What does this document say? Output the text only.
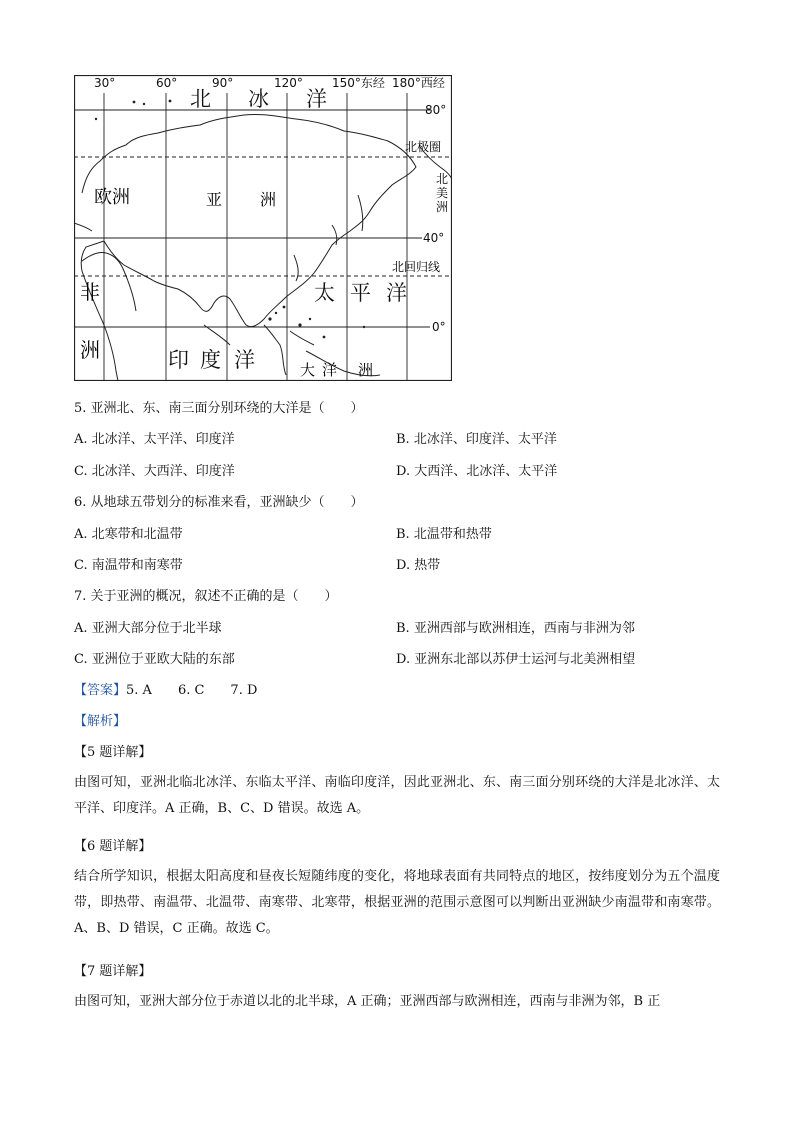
30°	60°	90°	120° 150°东经 180°西经
80°
40°
0°
北极圈
北回归线
北 冰 洋
太 平 洋
印 度 洋
欧洲	亚 洲
非
洲
北
美
洲
大 洋 洲
5. 亚洲北、东、南三面分别环绕的大洋是（　　）
A. 北冰洋、太平洋、印度洋	B. 北冰洋、印度洋、太平洋
C. 北冰洋、大西洋、印度洋	D. 大西洋、北冰洋、太平洋
6. 从地球五带划分的标准来看，亚洲缺少（　　）
A. 北寒带和北温带	B. 北温带和热带
C. 南温带和南寒带	D. 热带
7. 关于亚洲的概况，叙述不正确的是（　　）
A. 亚洲大部分位于北半球	B. 亚洲西部与欧洲相连，西南与非洲为邻
C. 亚洲位于亚欧大陆的东部	D. 亚洲东北部以苏伊士运河与北美洲相望
【答案】5. A　　6. C　　7. D
【解析】
【5 题详解】
由图可知，亚洲北临北冰洋、东临太平洋、南临印度洋，因此亚洲北、东、南三面分别环绕的大洋是北冰洋、太平洋、印度洋。A 正确，B、C、D 错误。故选 A。
【6 题详解】
结合所学知识，根据太阳高度和昼夜长短随纬度的变化，将地球表面有共同特点的地区，按纬度划分为五个温度带，即热带、南温带、北温带、南寒带、北寒带，根据亚洲的范围示意图可以判断出亚洲缺少南温带和南寒带。A、B、D 错误，C 正确。故选 C。
【7 题详解】
由图可知，亚洲大部分位于赤道以北的北半球，A 正确；亚洲西部与欧洲相连，西南与非洲为邻，B 正
